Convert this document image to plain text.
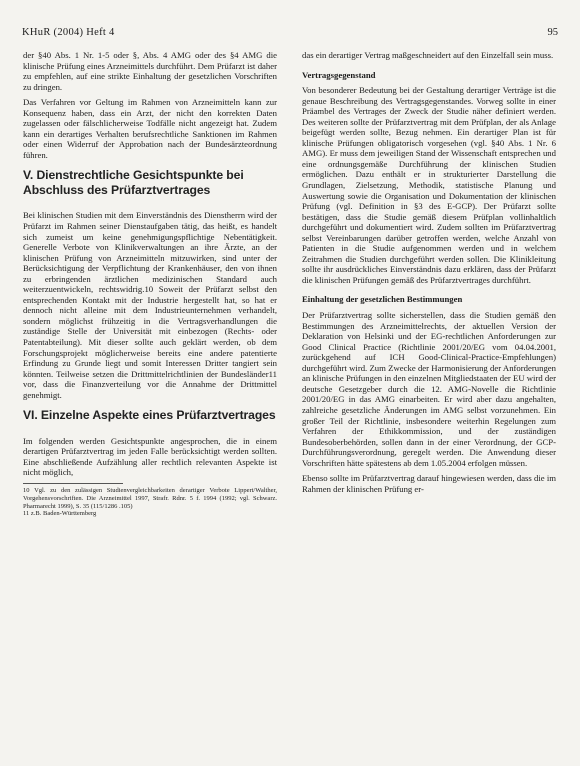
KHuR (2004) Heft 4	95

der §40 Abs. 1 Nr. 1-5 oder §, Abs. 4 AMG oder des §4 AMG die klinische Prüfung eines Arzneimittels durchführt. Dem Prüfarzt ist daher zu empfehlen, auf eine strikte Einhaltung der gesetzlichen Vorschriften zu dringen.

Das Verfahren vor Geltung im Rahmen von Arzneimitteln kann zur Konsequenz haben, dass ein Arzt, der nicht den korrekten Daten zugelassen oder fälschlicherweise Todfälle nicht angezeigt hat. Zudem kann ein derartiges Verhalten berufsrechtliche Sanktionen im Rahmen oder einen Widerruf der Approbation nach der Bundesärzteordnung führen.

V. Dienstrechtliche Gesichtspunkte bei Abschluss des Prüfarztvertrages

Bei klinischen Studien mit dem Einverständnis des Dienstherrn wird der Prüfarzt im Rahmen seiner Dienstaufgaben tätig, das heißt, es handelt sich zumeist um keine genehmigungspflichtige Nebentätigkeit. Generelle Verbote von Klinikverwaltungen an ihre Ärzte, an der klinischen Prüfung von Arzneimitteln mitzuwirken, sind unter der Berücksichtigung der Verpflichtung der Krankenhäuser, den von ihnen zu erbringenden ärztlichen medizinischen Standard auch weiterzuentwickeln, rechtswidrig.10 Soweit der Prüfarzt selbst den entsprechenden Kontakt mit der Industrie hergestellt hat, so hat er dennoch nicht alleine mit dem Industrieunternehmen verhandelt, sondern möglichst frühzeitig in die Vertragsverhandlungen die zuständige Stelle der Universität mit einbezogen (Rechts- oder Patentabteilung). Mit dieser sollte auch geklärt werden, ob dem Forschungsprojekt möglicherweise bereits eine andere patentierte Erfindung zu Grunde liegt und somit Interessen Dritter tangiert sein könnten. Teilweise setzen die Drittmittelrichtlinien der Bundesländer11 vor, dass die Finanzverteilung vor die Annahme der Drittmittel genehmigt.

VI. Einzelne Aspekte eines Prüfarztvertrages

Im folgenden werden Gesichtspunkte angesprochen, die in einem derartigen Prüfarztvertrag im jeden Falle berücksichtigt werden sollten. Eine abschließende Aufzählung aller rechtlich relevanten Aspekte ist nicht möglich,

10 Vgl. zu den zulässigen Studienvergleichbarkeiten derartiger Verbote Lippert/Walther, Vorgehensvorschriften. Die Arzneimittel 1997, Strafr. Rdnr. 5 f. 1994 (1992; vgl. Schwarz. Pharmarecht 1999), S. 35 (115/1286 .105)

11 z.B. Baden-Württemberg

das ein derartiger Vertrag maßgeschneidert auf den Einzelfall sein muss.

Vertragsgegenstand

Von besonderer Bedeutung bei der Gestaltung derartiger Verträge ist die genaue Beschreibung des Vertragsgegenstandes. Vorweg sollte in einer Präambel des Vertrages der Zweck der Studie näher definiert werden. Des weiteren sollte der Prüfarztvertrag mit dem Prüfplan, der als Anlage beigefügt werden sollte, Bezug nehmen. Ein derartiger Plan ist für klinische Prüfungen obligatorisch vorgesehen (vgl. §40 Abs. 1 Nr. 6 AMG). Er muss dem jeweiligen Stand der Wissenschaft entsprechen und eine ordnungsgemäße Durchführung der klinischen Studien ermöglichen. Dazu enthält er in strukturierter Darstellung die Grundlagen, Zielsetzung, Methodik, statistische Planung und Auswertung sowie die Organisation und Dokumentation der klinischen Prüfung (vgl. Definition in §3 des E-GCP). Der Prüfarzt sollte bestätigen, dass die Studie gemäß diesem Prüfplan vollinhaltlich durchgeführt und dokumentiert wird. Zudem sollten im Prüfarztvertrag selbst Vereinbarungen darüber getroffen werden, welche Anzahl von Patienten in die Studie aufgenommen werden und in welchem Zeitrahmen die Studien durchgeführt werden sollen. Die Klinikleitung sollte ihr ausdrückliches Einverständnis dazu erklären, dass der Prüfarzt die klinischen Prüfungen gemäß des Prüfarztvertrages durchführt.

Einhaltung der gesetzlichen Bestimmungen

Der Prüfarztvertrag sollte sicherstellen, dass die Studien gemäß den Bestimmungen des Arzneimittelrechts, der aktuellen Version der Deklaration von Helsinki und der EG-rechtlichen Anforderungen zur Good Clinical Practice (Richtlinie 2001/20/EG vom 04.04.2001, zurückgehend auf ICH Good-Clinical-Practice-Empfehlungen) durchgeführt wird. Zum Zwecke der Harmonisierung der Anforderungen an klinische Prüfungen in den einzelnen Mitgliedstaaten der EU wird der deutsche Gesetzgeber durch die 12. AMG-Novelle die Richtlinie 2001/20/EG in das AMG einarbeiten. Er wird aber dazu angehalten, zahlreiche gesetzliche Änderungen im AMG selbst vorzunehmen. Ein großer Teil der Richtlinie, insbesondere weiterhin Regelungen zum Verfahren der Ethikkommission, und der zuständigen Bundesoberbehörden, sollen dann in der einer Verordnung, der GCP-Durchführungsverordnung, geregelt werden. Die Anwendung dieser Vorschriften hätte spätestens ab dem 1.05.2004 erfolgen müssen.

Ebenso sollte im Prüfarztvertrag darauf hingewiesen werden, dass die im Rahmen der klinischen Prüfung er-
